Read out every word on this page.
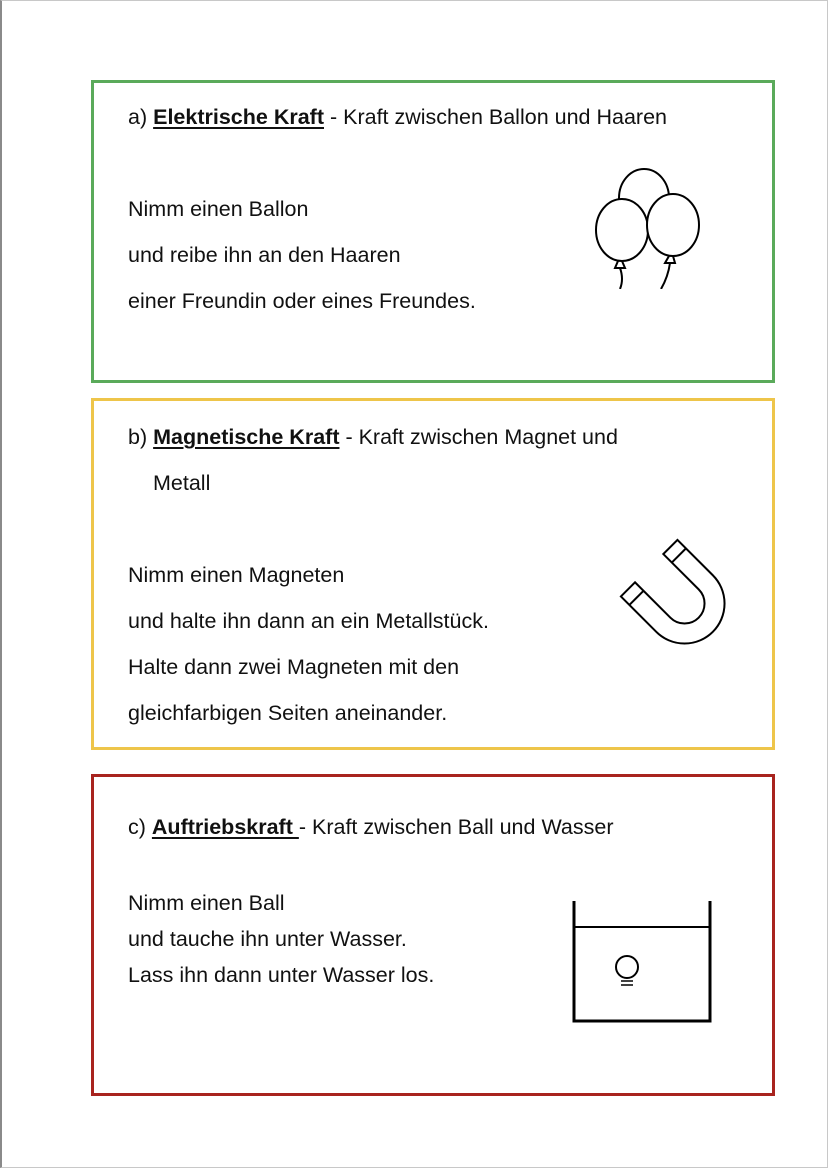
a) Elektrische Kraft - Kraft zwischen Ballon und Haaren

Nimm einen Ballon
und reibe ihn an den Haaren
einer Freundin oder eines Freundes.

b) Magnetische Kraft - Kraft zwischen Magnet und
Metall

Nimm einen Magneten
und halte ihn dann an ein Metallstück.
Halte dann zwei Magneten mit den
gleichfarbigen Seiten aneinander.

c) Auftriebskraft - Kraft zwischen Ball und Wasser

Nimm einen Ball
und tauche ihn unter Wasser.
Lass ihn dann unter Wasser los.
